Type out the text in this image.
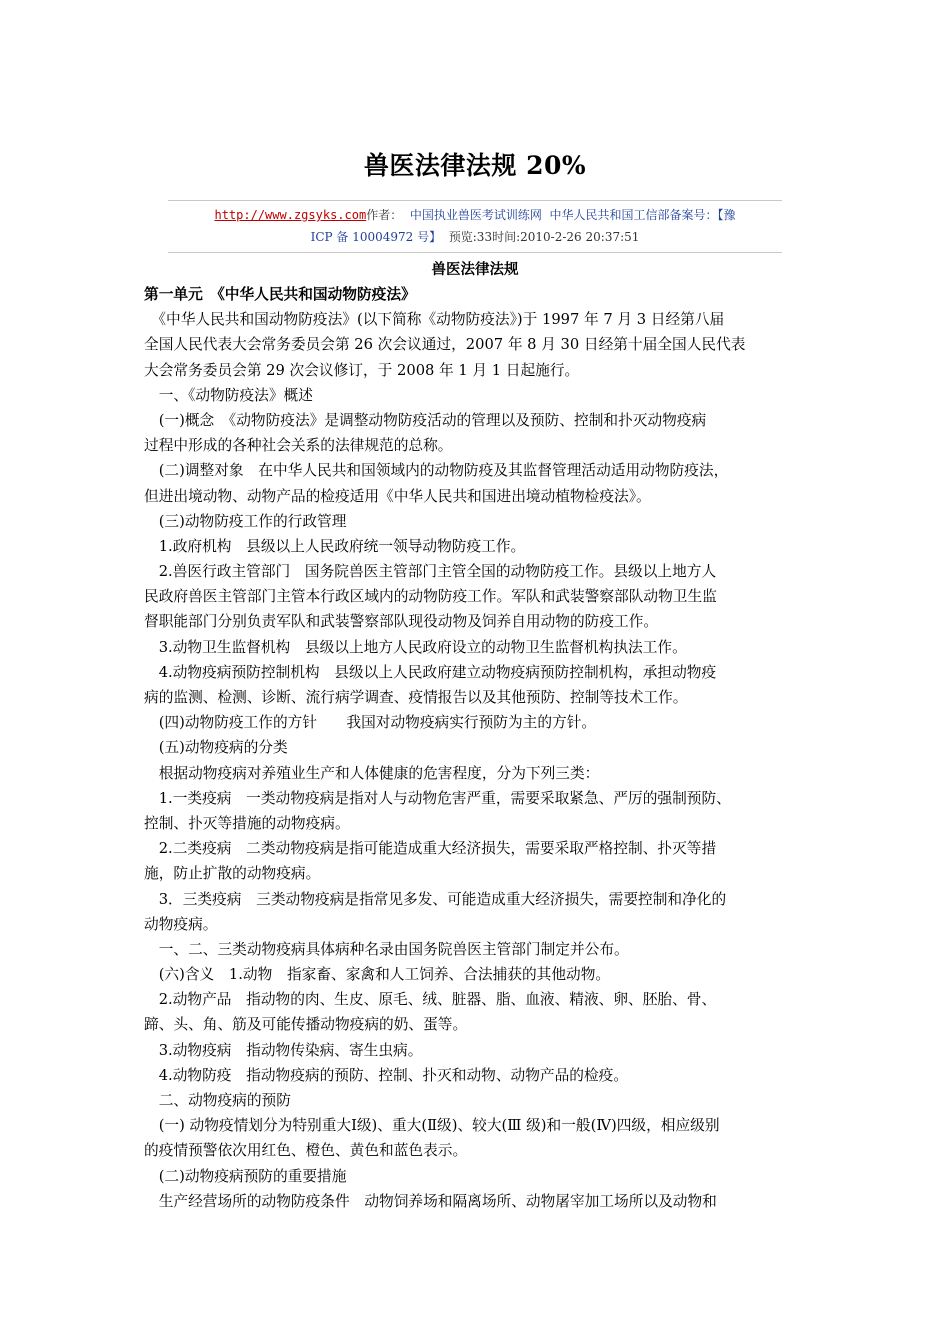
兽医法律法规 20%
http://www.zgsyks.com作者： 中国执业兽医考试训练网 中华人民共和国工信部备案号：【豫
ICP 备 10004972 号】 预览:33时间:2010-2-26 20:37:51
兽医法律法规
第一单元　《中华人民共和国动物防疫法》
　《中华人民共和国动物防疫法》(以下简称《动物防疫法》)于 1997 年 7 月 3 日经第八届
全国人民代表大会常务委员会第 26 次会议通过，2007 年 8 月 30 日经第十届全国人民代表
大会常务委员会第 29 次会议修订，于 2008 年 1 月 1 日起施行。
　一、《动物防疫法》概述
　(一)概念　《动物防疫法》是调整动物防疫活动的管理以及预防、控制和扑灭动物疫病
过程中形成的各种社会关系的法律规范的总称。
　(二)调整对象　在中华人民共和国领域内的动物防疫及其监督管理活动适用动物防疫法，
但进出境动物、动物产品的检疫适用《中华人民共和国进出境动植物检疫法》。
　(三)动物防疫工作的行政管理
　1.政府机构　县级以上人民政府统一领导动物防疫工作。
　2.兽医行政主管部门　国务院兽医主管部门主管全国的动物防疫工作。县级以上地方人
民政府兽医主管部门主管本行政区域内的动物防疫工作。军队和武装警察部队动物卫生监
督职能部门分别负责军队和武装警察部队现役动物及饲养自用动物的防疫工作。
　3.动物卫生监督机构　县级以上地方人民政府设立的动物卫生监督机构执法工作。
　4.动物疫病预防控制机构　县级以上人民政府建立动物疫病预防控制机构，承担动物疫
病的监测、检测、诊断、流行病学调查、疫情报告以及其他预防、控制等技术工作。
　(四)动物防疫工作的方针　　我国对动物疫病实行预防为主的方针。
　(五)动物疫病的分类
　根据动物疫病对养殖业生产和人体健康的危害程度，分为下列三类：
　1.一类疫病　一类动物疫病是指对人与动物危害严重，需要采取紧急、严厉的强制预防、
控制、扑灭等措施的动物疫病。
　2.二类疫病　二类动物疫病是指可能造成重大经济损失，需要采取严格控制、扑灭等措
施，防止扩散的动物疫病。
　3．三类疫病　三类动物疫病是指常见多发、可能造成重大经济损失，需要控制和净化的
动物疫病。
　一、二、三类动物疫病具体病种名录由国务院兽医主管部门制定并公布。
　(六)含义　1.动物　指家畜、家禽和人工饲养、合法捕获的其他动物。
　2.动物产品　指动物的肉、生皮、原毛、绒、脏器、脂、血液、精液、卵、胚胎、骨、
蹄、头、角、筋及可能传播动物疫病的奶、蛋等。
　3.动物疫病　指动物传染病、寄生虫病。
　4.动物防疫　指动物疫病的预防、控制、扑灭和动物、动物产品的检疫。
　二、动物疫病的预防
　(一) 动物疫情划分为特别重大Ⅰ级)、重大(Ⅱ级)、较大(Ⅲ 级)和一般(Ⅳ)四级，相应级别
的疫情预警依次用红色、橙色、黄色和蓝色表示。
　(二)动物疫病预防的重要措施
　生产经营场所的动物防疫条件　动物饲养场和隔离场所、动物屠宰加工场所以及动物和
